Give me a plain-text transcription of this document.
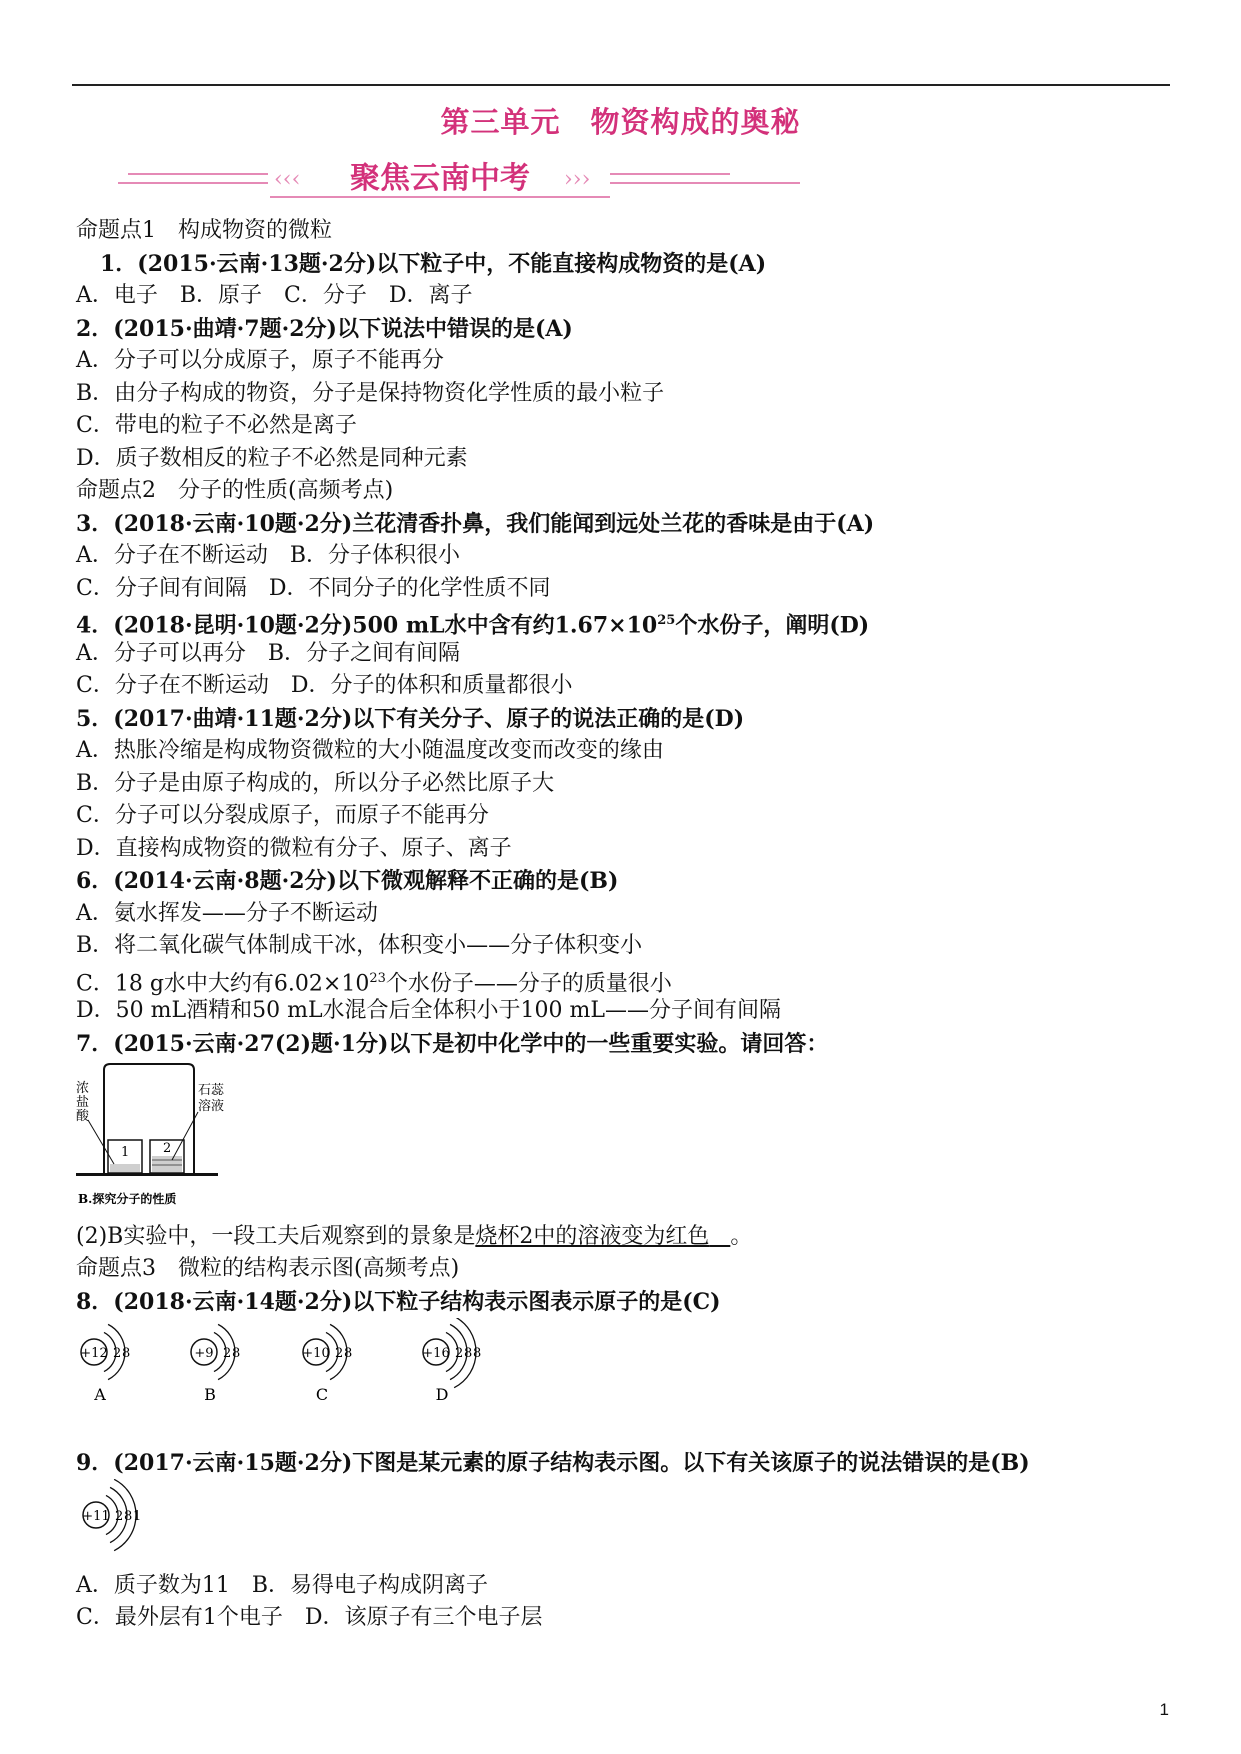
第三单元　物资构成的奥秘
‹‹‹	›››
聚焦云南中考
命题点1　构成物资的微粒
1．(2015·云南·13题·2分)以下粒子中，不能直接构成物资的是(A)
A．电子　B．原子　C．分子　D．离子
2．(2015·曲靖·7题·2分)以下说法中错误的是(A)
A．分子可以分成原子，原子不能再分
B．由分子构成的物资，分子是保持物资化学性质的最小粒子
C．带电的粒子不必然是离子
D．质子数相反的粒子不必然是同种元素
命题点2　分子的性质(高频考点)
3．(2018·云南·10题·2分)兰花清香扑鼻，我们能闻到远处兰花的香味是由于(A)
A．分子在不断运动　B．分子体积很小
C．分子间有间隔　D．不同分子的化学性质不同
4．(2018·昆明·10题·2分)500 mL水中含有约$1.67\times 10^{25}$个水份子，阐明(D)
A．分子可以再分　B．分子之间有间隔
C．分子在不断运动　D．分子的体积和质量都很小
5．(2017·曲靖·11题·2分)以下有关分子、原子的说法正确的是(D)
A．热胀冷缩是构成物资微粒的大小随温度改变而改变的缘由
B．分子是由原子构成的，所以分子必然比原子大
C．分子可以分裂成原子，而原子不能再分
D．直接构成物资的微粒有分子、原子、离子
6．(2014·云南·8题·2分)以下微观解释不正确的是(B)
A．氨水挥发——分子不断运动
B．将二氧化碳气体制成干冰，体积变小——分子体积变小
C．18 g水中大约有$6.02\times 10^{23}$个水份子——分子的质量很小
D．50 mL酒精和50 mL水混合后全体积小于100 mL——分子间有间隔
7．(2015·云南·27(2)题·1分)以下是初中化学中的一些重要实验。请回答：
1	2
浓盐酸
石蕊溶液
B.探究分子的性质
(2)B实验中，一段工夫后观察到的景象是烧杯2中的溶液变为红色 。
命题点3　微粒的结构表示图(高频考点)
8．(2018·云南·14题·2分)以下粒子结构表示图表示原子的是(C)
+12 2 8
A
+9 2 8
B
+10 2 8
C
+16 2 8 8
D
9．(2017·云南·15题·2分)下图是某元素的原子结构表示图。以下有关该原子的说法错误的是(B)
+11 2 8 1
A．质子数为11　B．易得电子构成阴离子
C．最外层有1个电子　D．该原子有三个电子层
1
